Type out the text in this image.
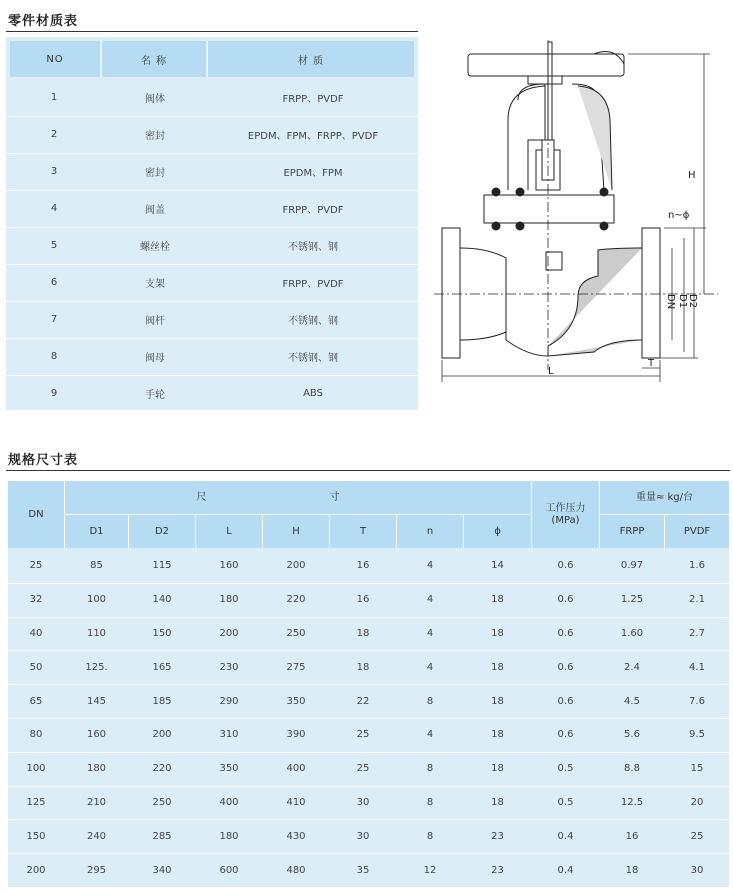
零件材质表
NO	名 称	材 质
1	阀体	FRPP、PVDF
2	密封	EPDM、FPM、FRPP、PVDF
3	密封	EPDM、FPM
4	阀盖	FRPP、PVDF
5	螺丝栓	不锈钢、钢
6	支架	FRPP、PVDF
7	阀杆	不锈钢、钢
8	阀母	不锈钢、钢
9	手轮	ABS
H
n~ϕ
DN D1 D2
L
T
规格尺寸表
DN
尺 寸
工作压力
(MPa)
重量≈ kg/台
D1	D2	L	H	T	n	ϕ	FRPP	PVDF
25	85	115	160	200	16	4	14	0.6	0.97	1.6
32	100	140	180	220	16	4	18	0.6	1.25	2.1
40	110	150	200	250	18	4	18	0.6	1.60	2.7
50	125.	165	230	275	18	4	18	0.6	2.4	4.1
65	145	185	290	350	22	8	18	0.6	4.5	7.6
80	160	200	310	390	25	4	18	0.6	5.6	9.5
100	180	220	350	400	25	8	18	0.5	8.8	15
125	210	250	400	410	30	8	18	0.5	12.5	20
150	240	285	180	430	30	8	23	0.4	16	25
200	295	340	600	480	35	12	23	0.4	18	30
